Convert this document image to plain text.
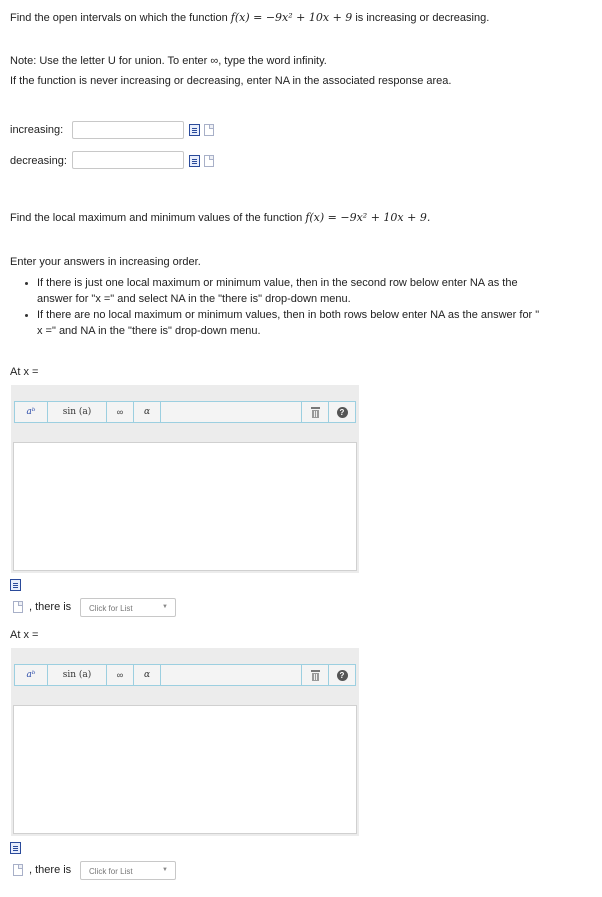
Find the open intervals on which the function f(x) = −9x² + 10x + 9 is increasing or decreasing.
Note: Use the letter U for union. To enter ∞, type the word infinity.
If the function is never increasing or decreasing, enter NA in the associated response area.
increasing:
decreasing:
Find the local maximum and minimum values of the function f(x) = −9x² + 10x + 9.
Enter your answers in increasing order.
If there is just one local maximum or minimum value, then in the second row below enter NA as the
answer for "x =" and select NA in the "there is" drop-down menu.
If there are no local maximum or minimum values, then in both rows below enter NA as the answer for "
x =" and NA in the "there is" drop-down menu.
At x =
aᵇ	sin (a)	∞ α	?
, there is	Click for List	▼
At x =
aᵇ	sin (a)	∞ α	?
, there is	Click for List	▼
